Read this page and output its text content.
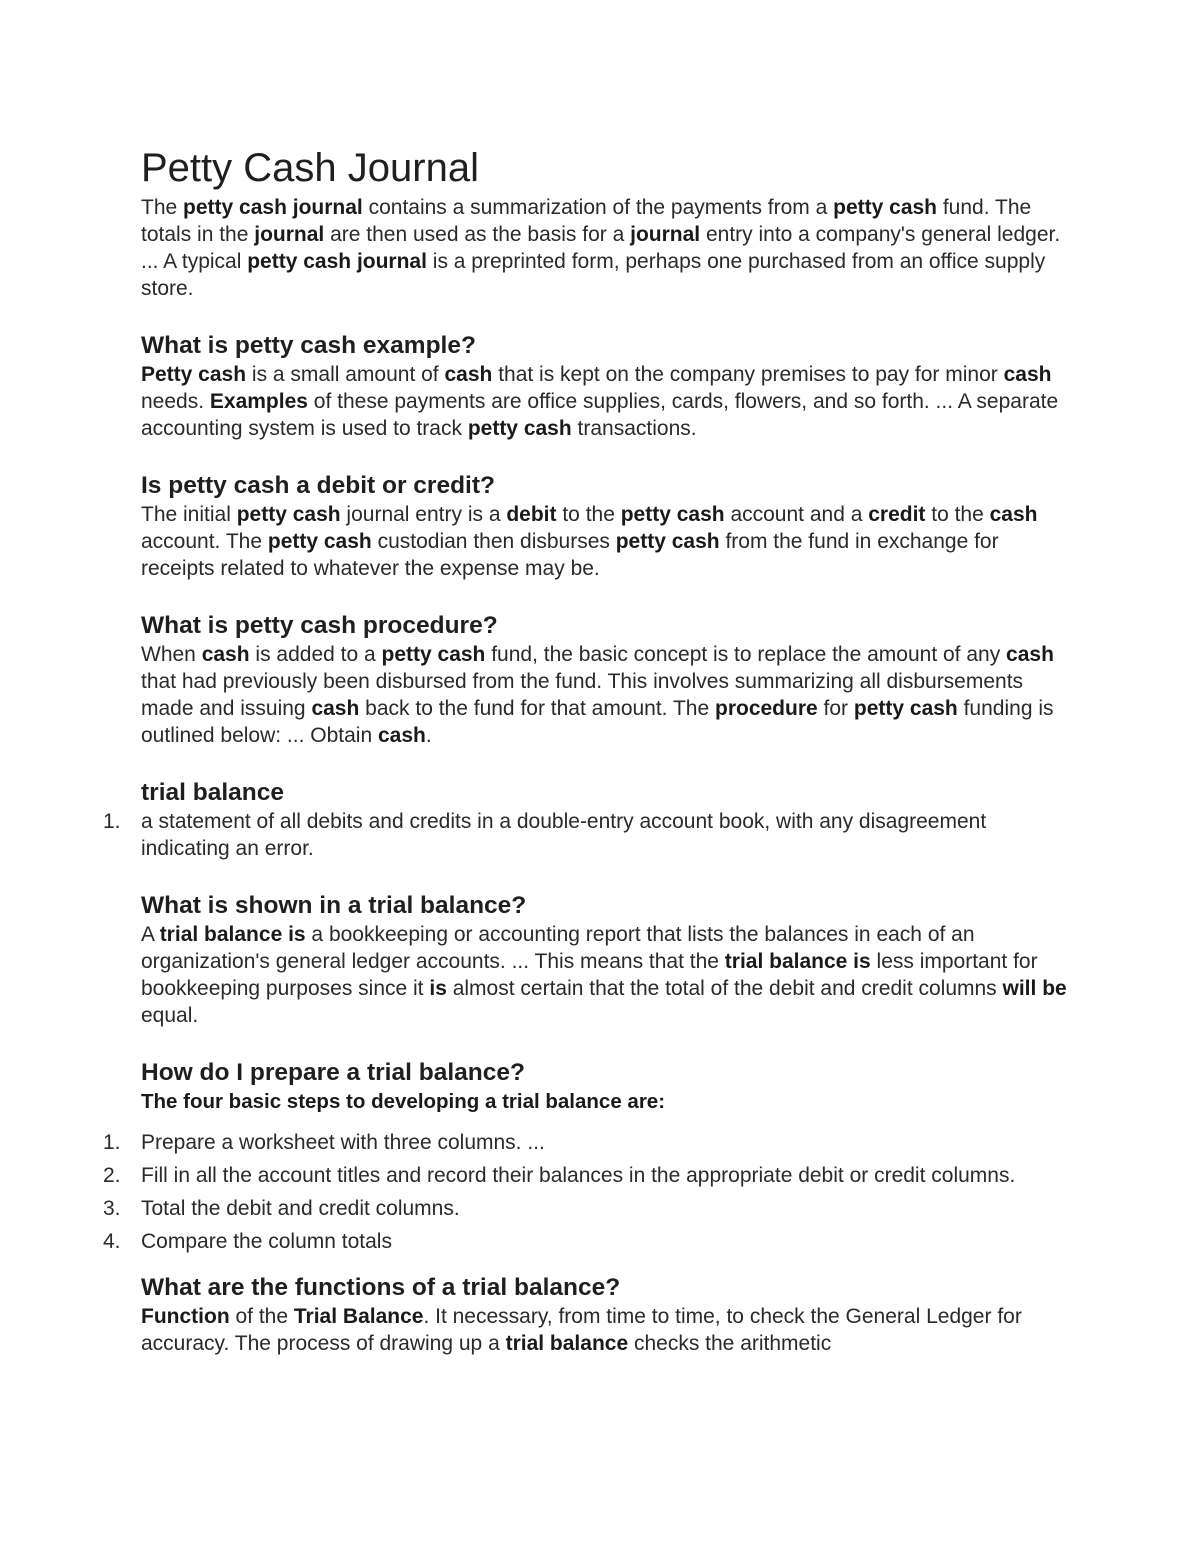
Petty Cash Journal

The petty cash journal contains a summarization of the payments from a petty cash fund. The totals in the journal are then used as the basis for a journal entry into a company's general ledger. ... A typical petty cash journal is a preprinted form, perhaps one purchased from an office supply store.

What is petty cash example?

Petty cash is a small amount of cash that is kept on the company premises to pay for minor cash needs. Examples of these payments are office supplies, cards, flowers, and so forth. ... A separate accounting system is used to track petty cash transactions.

Is petty cash a debit or credit?

The initial petty cash journal entry is a debit to the petty cash account and a credit to the cash account. The petty cash custodian then disburses petty cash from the fund in exchange for receipts related to whatever the expense may be.

What is petty cash procedure?

When cash is added to a petty cash fund, the basic concept is to replace the amount of any cash that had previously been disbursed from the fund. This involves summarizing all disbursements made and issuing cash back to the fund for that amount. The procedure for petty cash funding is outlined below: ... Obtain cash.

trial balance
1. a statement of all debits and credits in a double-entry account book, with any disagreement indicating an error.
What is shown in a trial balance?

A trial balance is a bookkeeping or accounting report that lists the balances in each of an organization's general ledger accounts. ... This means that the trial balance is less important for bookkeeping purposes since it is almost certain that the total of the debit and credit columns will be equal.

How do I prepare a trial balance?

The four basic steps to developing a trial balance are:

1. Prepare a worksheet with three columns. ...
2. Fill in all the account titles and record their balances in the appropriate debit or credit columns.
3. Total the debit and credit columns.
4. Compare the column totals
What are the functions of a trial balance?

Function of the Trial Balance. It necessary, from time to time, to check the General Ledger for accuracy. The process of drawing up a trial balance checks the arithmetic
